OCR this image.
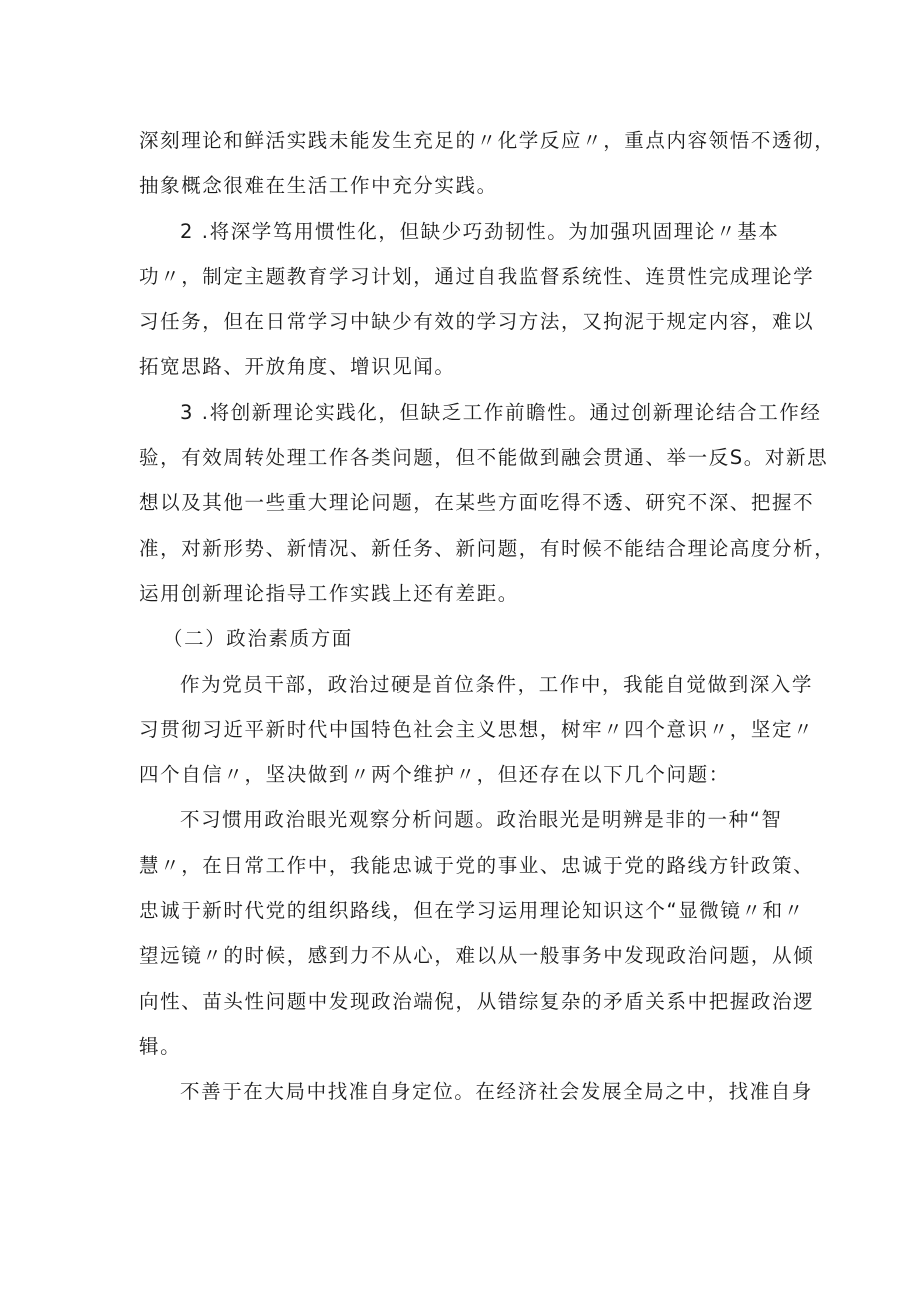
深刻理论和鲜活实践未能发生充足的〃化学反应〃，重点内容领悟不透彻，
抽象概念很难在生活工作中充分实践。
2 .将深学笃用惯性化，但缺少巧劲韧性。为加强巩固理论〃基本
功〃，制定主题教育学习计划，通过自我监督系统性、连贯性完成理论学
习任务，但在日常学习中缺少有效的学习方法，又拘泥于规定内容，难以
拓宽思路、开放角度、增识见闻。
3 .将创新理论实践化，但缺乏工作前瞻性。通过创新理论结合工作经
验，有效周转处理工作各类问题，但不能做到融会贯通、举一反S。对新思
想以及其他一些重大理论问题，在某些方面吃得不透、研究不深、把握不
准，对新形势、新情况、新任务、新问题，有时候不能结合理论高度分析，
运用创新理论指导工作实践上还有差距。
（二）政治素质方面
作为党员干部，政治过硬是首位条件，工作中，我能自觉做到深入学
习贯彻习近平新时代中国特色社会主义思想，树牢〃四个意识〃，坚定〃
四个自信〃，坚决做到〃两个维护〃，但还存在以下几个问题：
不习惯用政治眼光观察分析问题。政治眼光是明辨是非的一种“智
慧〃，在日常工作中，我能忠诚于党的事业、忠诚于党的路线方针政策、
忠诚于新时代党的组织路线，但在学习运用理论知识这个“显微镜〃和〃
望远镜〃的时候，感到力不从心，难以从一般事务中发现政治问题，从倾
向性、苗头性问题中发现政治端倪，从错综复杂的矛盾关系中把握政治逻
辑。
不善于在大局中找准自身定位。在经济社会发展全局之中，找准自身
